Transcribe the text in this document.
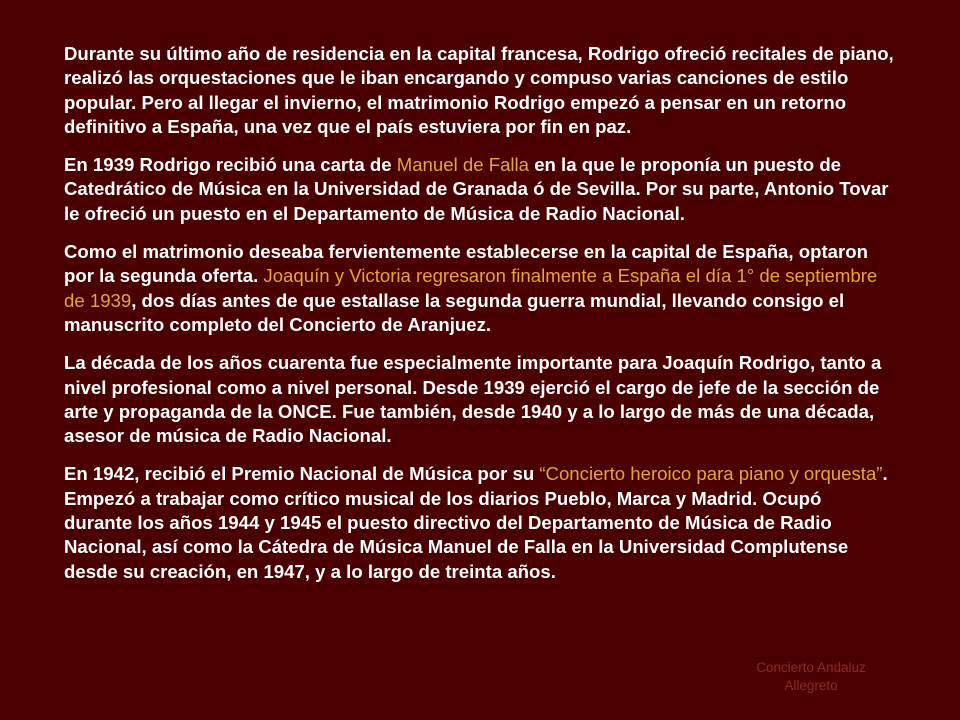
Durante su último año de residencia en la capital francesa, Rodrigo ofreció recitales de piano, realizó las orquestaciones que le iban encargando y compuso varias canciones de estilo popular. Pero al llegar el invierno, el matrimonio Rodrigo empezó a pensar en un retorno definitivo a España, una vez que el país estuviera por fin en paz.

En 1939 Rodrigo recibió una carta de Manuel de Falla en la que le proponía un puesto de Catedrático de Música en la Universidad de Granada ó de Sevilla. Por su parte, Antonio Tovar le ofreció un puesto en el Departamento de Música de Radio Nacional.

Como el matrimonio deseaba fervientemente establecerse en la capital de España, optaron por la segunda oferta. Joaquín y Victoria regresaron finalmente a España el día 1° de septiembre de 1939, dos días antes de que estallase la segunda guerra mundial, llevando consigo el manuscrito completo del Concierto de Aranjuez.

La década de los años cuarenta fue especialmente importante para Joaquín Rodrigo, tanto a nivel profesional como a nivel personal. Desde 1939 ejerció el cargo de jefe de la sección de arte y propaganda de la ONCE. Fue también, desde 1940 y a lo largo de más de una década, asesor de música de Radio Nacional.

En 1942, recibió el Premio Nacional de Música por su “Concierto heroico para piano y orquesta”. Empezó a trabajar como crítico musical de los diarios Pueblo, Marca y Madrid. Ocupó durante los años 1944 y 1945 el puesto directivo del Departamento de Música de Radio Nacional, así como la Cátedra de Música Manuel de Falla en la Universidad Complutense desde su creación, en 1947, y a lo largo de treinta años.

Concierto Andaluz
Allegreto
